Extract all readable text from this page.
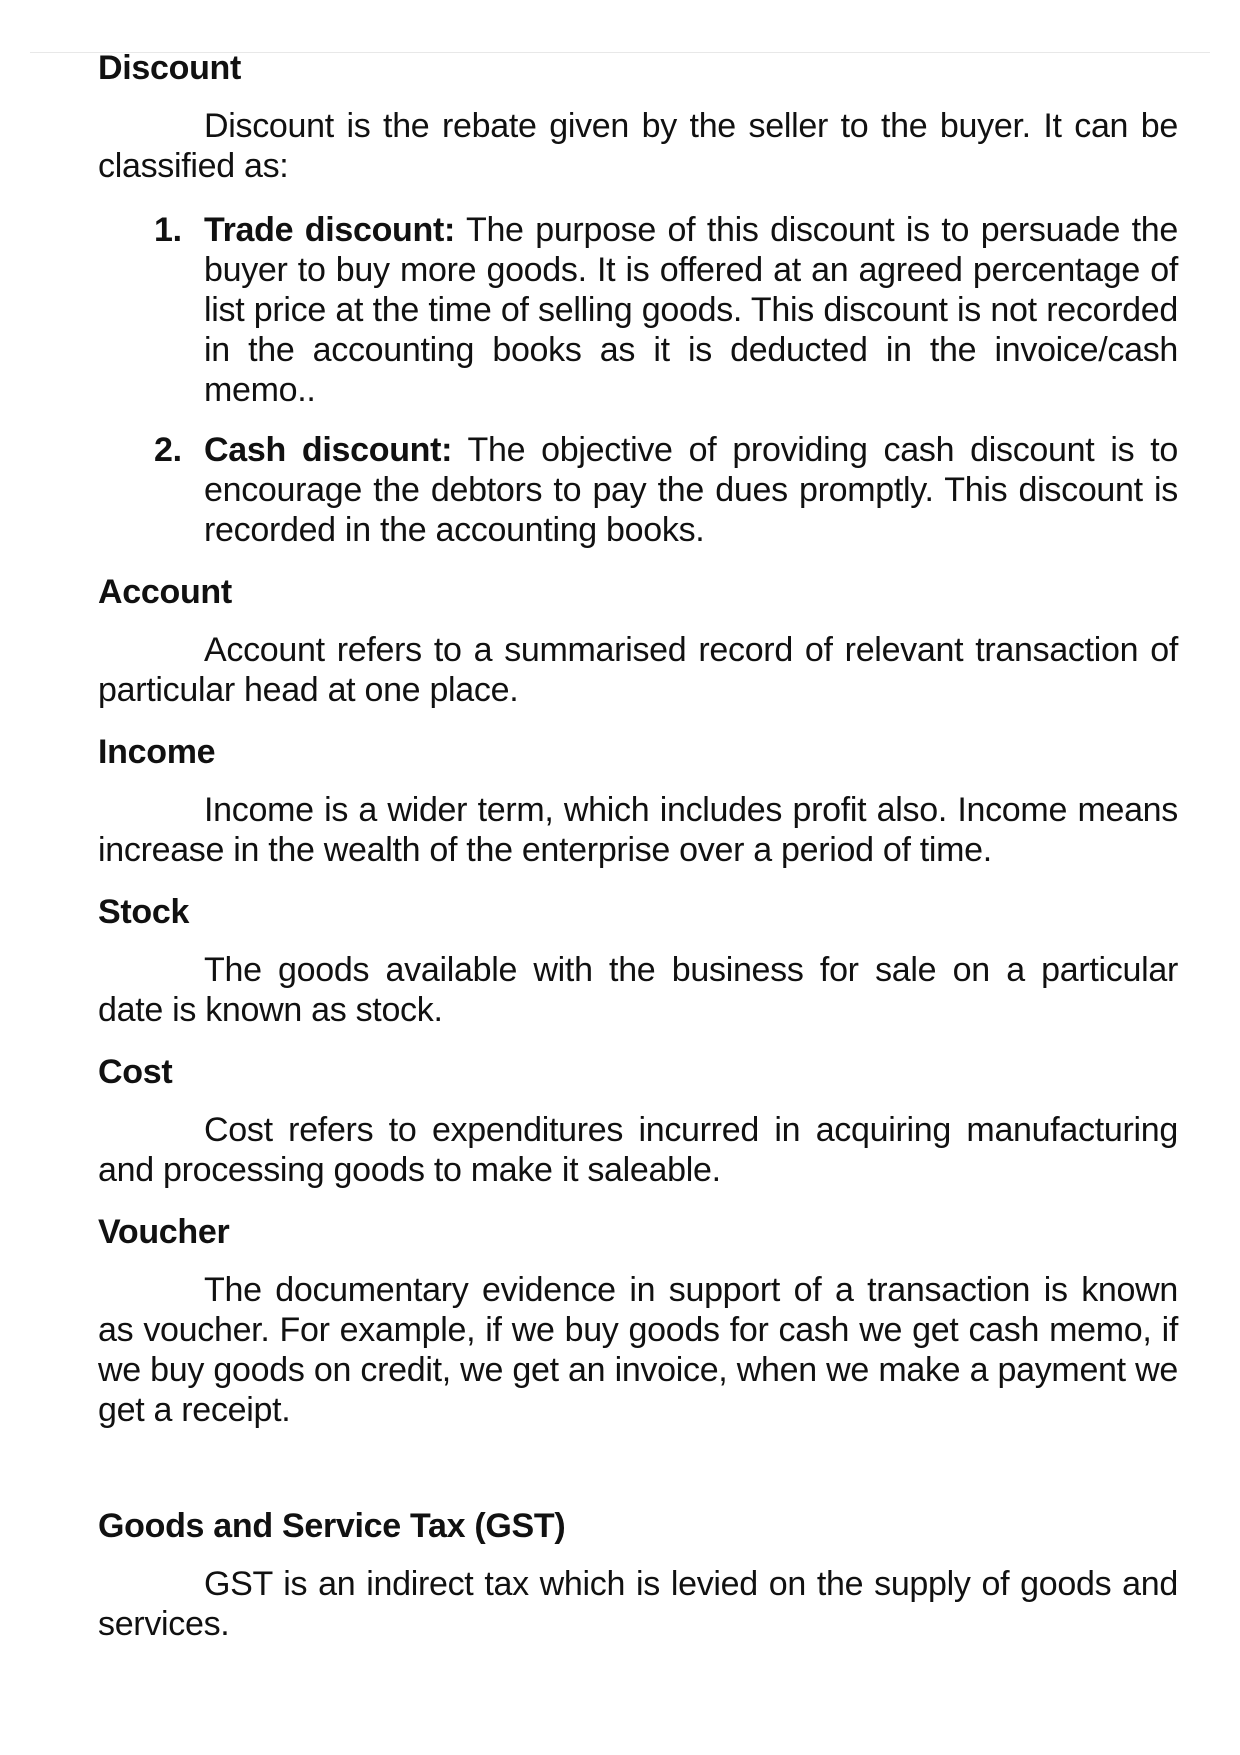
Discount

Discount is the rebate given by the seller to the buyer. It can be classified as:

1. Trade discount: The purpose of this discount is to persuade the buyer to buy more goods. It is offered at an agreed percentage of list price at the time of selling goods. This discount is not recorded in the accounting books as it is deducted in the invoice/cash memo..
2. Cash discount: The objective of providing cash discount is to encourage the debtors to pay the dues promptly. This discount is recorded in the accounting books.
Account

Account refers to a summarised record of relevant transaction of particular head at one place.

Income

Income is a wider term, which includes profit also. Income means increase in the wealth of the enterprise over a period of time.

Stock

The goods available with the business for sale on a particular date is known as stock.

Cost

Cost refers to expenditures incurred in acquiring manufacturing and processing goods to make it saleable.

Voucher

The documentary evidence in support of a transaction is known as voucher. For example, if we buy goods for cash we get cash memo, if we buy goods on credit, we get an invoice, when we make a payment we get a receipt.

Goods and Service Tax (GST)

GST is an indirect tax which is levied on the supply of goods and services.
